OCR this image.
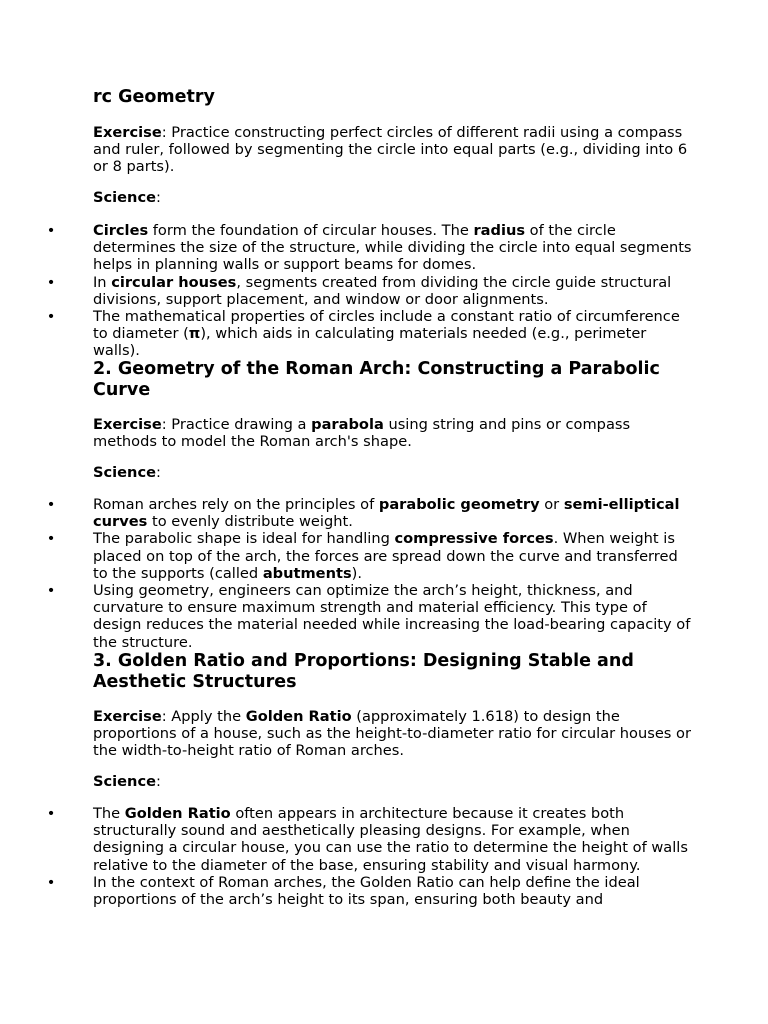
rc Geometry

Exercise: Practice constructing perfect circles of different radii using a compass and ruler, followed by segmenting the circle into equal parts (e.g., dividing into 6 or 8 parts).

Science:

•	Circles form the foundation of circular houses. The radius of the circle determines the size of the structure, while dividing the circle into equal segments helps in planning walls or support beams for domes.
•	In circular houses, segments created from dividing the circle guide structural divisions, support placement, and window or door alignments.
•	The mathematical properties of circles include a constant ratio of circumference to diameter (π), which aids in calculating materials needed (e.g., perimeter walls).
2. Geometry of the Roman Arch: Constructing a Parabolic Curve

Exercise: Practice drawing a parabola using string and pins or compass methods to model the Roman arch's shape.

Science:

•	Roman arches rely on the principles of parabolic geometry or semi-elliptical curves to evenly distribute weight.
•	The parabolic shape is ideal for handling compressive forces. When weight is placed on top of the arch, the forces are spread down the curve and transferred to the supports (called abutments).
•	Using geometry, engineers can optimize the arch’s height, thickness, and curvature to ensure maximum strength and material efficiency. This type of design reduces the material needed while increasing the load-bearing capacity of the structure.
3. Golden Ratio and Proportions: Designing Stable and Aesthetic Structures

Exercise: Apply the Golden Ratio (approximately 1.618) to design the proportions of a house, such as the height-to-diameter ratio for circular houses or the width-to-height ratio of Roman arches.

Science:

•	The Golden Ratio often appears in architecture because it creates both structurally sound and aesthetically pleasing designs. For example, when designing a circular house, you can use the ratio to determine the height of walls relative to the diameter of the base, ensuring stability and visual harmony.
•	In the context of Roman arches, the Golden Ratio can help define the ideal proportions of the arch’s height to its span, ensuring both beauty and
